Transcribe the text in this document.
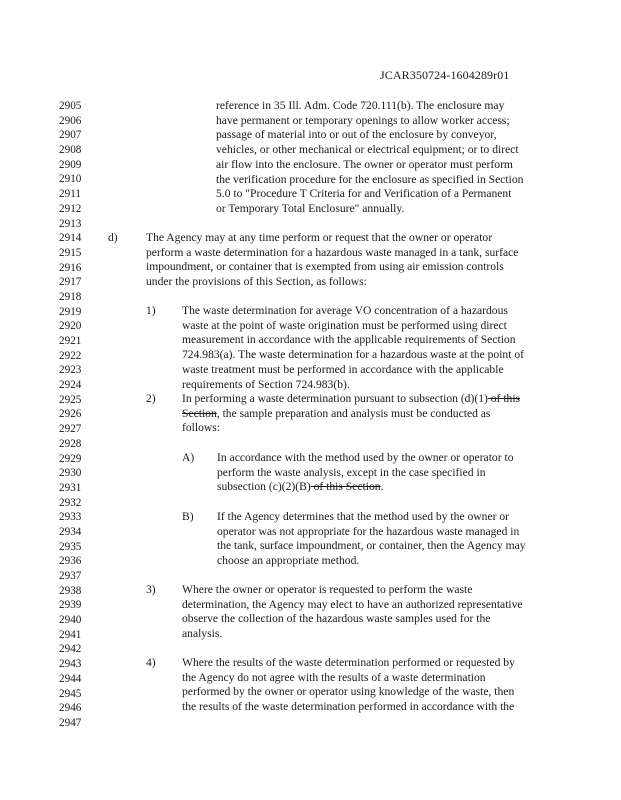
JCAR350724-1604289r01
2905
2906
2907
2908
2909
2910
2911
2912
2913
2914
2915
2916
2917
2918
2919
2920
2921
2922
2923
2924
2925
2926
2927
2928
2929
2930
2931
2932
2933
2934
2935
2936
2937
2938
2939
2940
2941
2942
2943
2944
2945
2946
2947
reference in 35 Ill. Adm. Code 720.111(b). The enclosure may
have permanent or temporary openings to allow worker access;
passage of material into or out of the enclosure by conveyor,
vehicles, or other mechanical or electrical equipment; or to direct
air flow into the enclosure. The owner or operator must perform
the verification procedure for the enclosure as specified in Section
5.0 to "Procedure T Criteria for and Verification of a Permanent
or Temporary Total Enclosure" annually.
d) The Agency may at any time perform or request that the owner or operator
perform a waste determination for a hazardous waste managed in a tank, surface
impoundment, or container that is exempted from using air emission controls
under the provisions of this Section, as follows:
1) The waste determination for average VO concentration of a hazardous
waste at the point of waste origination must be performed using direct
measurement in accordance with the applicable requirements of Section
724.983(a). The waste determination for a hazardous waste at the point of
waste treatment must be performed in accordance with the applicable
requirements of Section 724.983(b).
2) In performing a waste determination pursuant to subsection (d)(1) of this
Section, the sample preparation and analysis must be conducted as
follows:
A) In accordance with the method used by the owner or operator to
perform the waste analysis, except in the case specified in
subsection (c)(2)(B) of this Section.
B) If the Agency determines that the method used by the owner or
operator was not appropriate for the hazardous waste managed in
the tank, surface impoundment, or container, then the Agency may
choose an appropriate method.
3) Where the owner or operator is requested to perform the waste
determination, the Agency may elect to have an authorized representative
observe the collection of the hazardous waste samples used for the
analysis.
4) Where the results of the waste determination performed or requested by
the Agency do not agree with the results of a waste determination
performed by the owner or operator using knowledge of the waste, then
the results of the waste determination performed in accordance with the
